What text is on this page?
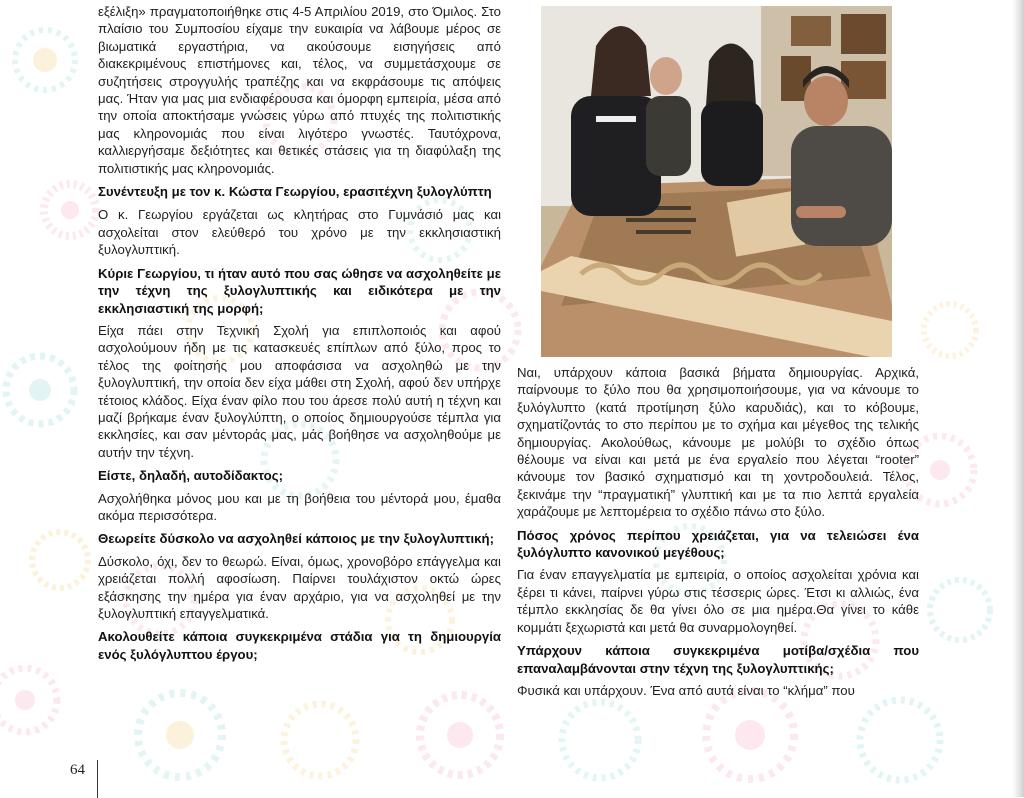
εξέλιξη» πραγματοποιήθηκε στις 4-5 Απριλίου 2019, στο Όμιλος. Στο πλαίσιο του Συμποσίου είχαμε την ευκαιρία να λάβουμε μέρος σε βιωματικά εργαστήρια, να ακούσουμε εισηγήσεις από διακεκριμένους επιστήμονες και, τέλος, να συμμετάσχουμε σε συζητήσεις στρογγυλής τραπέζης και να εκφράσουμε τις απόψεις μας. Ήταν για μας μια ενδιαφέρουσα και όμορφη εμπειρία, μέσα από την οποία αποκτήσαμε γνώσεις γύρω από πτυχές της πολιτιστικής μας κληρονομιάς που είναι λιγότερο γνωστές. Ταυτόχρονα, καλλιεργήσαμε δεξιότητες και θετικές στάσεις για τη διαφύλαξη της πολιτιστικής μας κληρονομιάς.

Συνέντευξη με τον κ. Κώστα Γεωργίου, ερασιτέχνη ξυλογλύπτη

Ο κ. Γεωργίου εργάζεται ως κλητήρας στο Γυμνάσιό μας και ασχολείται στον ελεύθερό του χρόνο με την εκκλησιαστική ξυλογλυπτική.

Κύριε Γεωργίου, τι ήταν αυτό που σας ώθησε να ασχοληθείτε με την τέχνη της ξυλογλυπτικής και ειδικότερα με την εκκλησιαστική της μορφή;

Είχα πάει στην Τεχνική Σχολή για επιπλοποιός και αφού ασχολούμουν ήδη με τις κατασκευές επίπλων από ξύλο, προς το τέλος της φοίτησής μου αποφάσισα να ασχοληθώ με την ξυλογλυπτική, την οποία δεν είχα μάθει στη Σχολή, αφού δεν υπήρχε τέτοιος κλάδος. Είχα έναν φίλο που του άρεσε πολύ αυτή η τέχνη και μαζί βρήκαμε έναν ξυλογλύπτη, ο οποίος δημιουργούσε τέμπλα για εκκλησίες, και σαν μέντοράς μας, μάς βοήθησε να ασχοληθούμε με αυτήν την τέχνη.

Είστε, δηλαδή, αυτοδίδακτος;

Ασχολήθηκα μόνος μου και με τη βοήθεια του μέντορά μου, έμαθα ακόμα περισσότερα.

Θεωρείτε δύσκολο να ασχοληθεί κάποιος με την ξυλογλυπτική;

Δύσκολο, όχι, δεν το θεωρώ. Είναι, όμως, χρονοβόρο επάγγελμα και χρειάζεται πολλή αφοσίωση. Παίρνει τουλάχιστον οκτώ ώρες εξάσκησης την ημέρα για έναν αρχάριο, για να ασχοληθεί με την ξυλογλυπτική επαγγελματικά.

Ακολουθείτε κάποια συγκεκριμένα στάδια για τη δημιουργία ενός ξυλόγλυπτου έργου;

Ναι, υπάρχουν κάποια βασικά βήματα δημιουργίας. Αρχικά, παίρνουμε το ξύλο που θα χρησιμοποιήσουμε, για να κάνουμε το ξυλόγλυπτο (κατά προτίμηση ξύλο καρυδιάς), και το κόβουμε, σχηματίζοντάς το στο περίπου με το σχήμα και μέγεθος της τελικής δημιουργίας. Ακολούθως, κάνουμε με μολύβι το σχέδιο όπως θέλουμε να είναι και μετά με ένα εργαλείο που λέγεται “rooter” κάνουμε τον βασικό σχηματισμό και τη χοντροδουλειά. Τέλος, ξεκινάμε την “πραγματική” γλυπτική και με τα πιο λεπτά εργαλεία χαράζουμε με λεπτομέρεια το σχέδιο πάνω στο ξύλο.

Πόσος χρόνος περίπου χρειάζεται, για να τελειώσει ένα ξυλόγλυπτο κανονικού μεγέθους;

Για έναν επαγγελματία με εμπειρία, ο οποίος ασχολείται χρόνια και ξέρει τι κάνει, παίρνει γύρω στις τέσσερις ώρες. Έτσι κι αλλιώς, ένα τέμπλο εκκλησίας δε θα γίνει όλο σε μια ημέρα.Θα γίνει το κάθε κομμάτι ξεχωριστά και μετά θα συναρμολογηθεί.

Υπάρχουν κάποια συγκεκριμένα μοτίβα/σχέδια που επαναλαμβάνονται στην τέχνη της ξυλογλυπτικής;

Φυσικά και υπάρχουν. Ένα από αυτά είναι το “κλήμα” που

64
